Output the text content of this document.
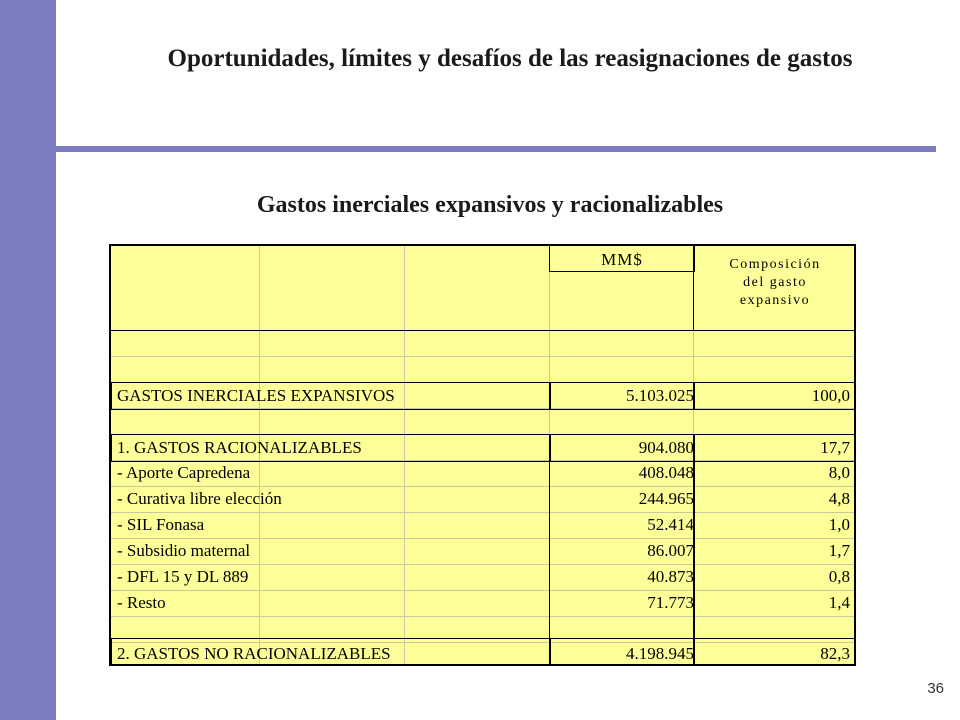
Oportunidades, límites y desafíos de las reasignaciones de gastos
Gastos inerciales expansivos y racionalizables
MM$	Composición
del gasto
expansivo
GASTOS INERCIALES EXPANSIVOS	5.103.025	100,0
1. GASTOS RACIONALIZABLES	904.080	17,7
- Aporte Capredena	408.048	8,0
- Curativa libre elección	244.965	4,8
- SIL Fonasa	52.414	1,0
- Subsidio maternal	86.007	1,7
- DFL 15 y DL 889	40.873	0,8
- Resto	71.773	1,4
2. GASTOS NO RACIONALIZABLES	4.198.945	82,3
36
